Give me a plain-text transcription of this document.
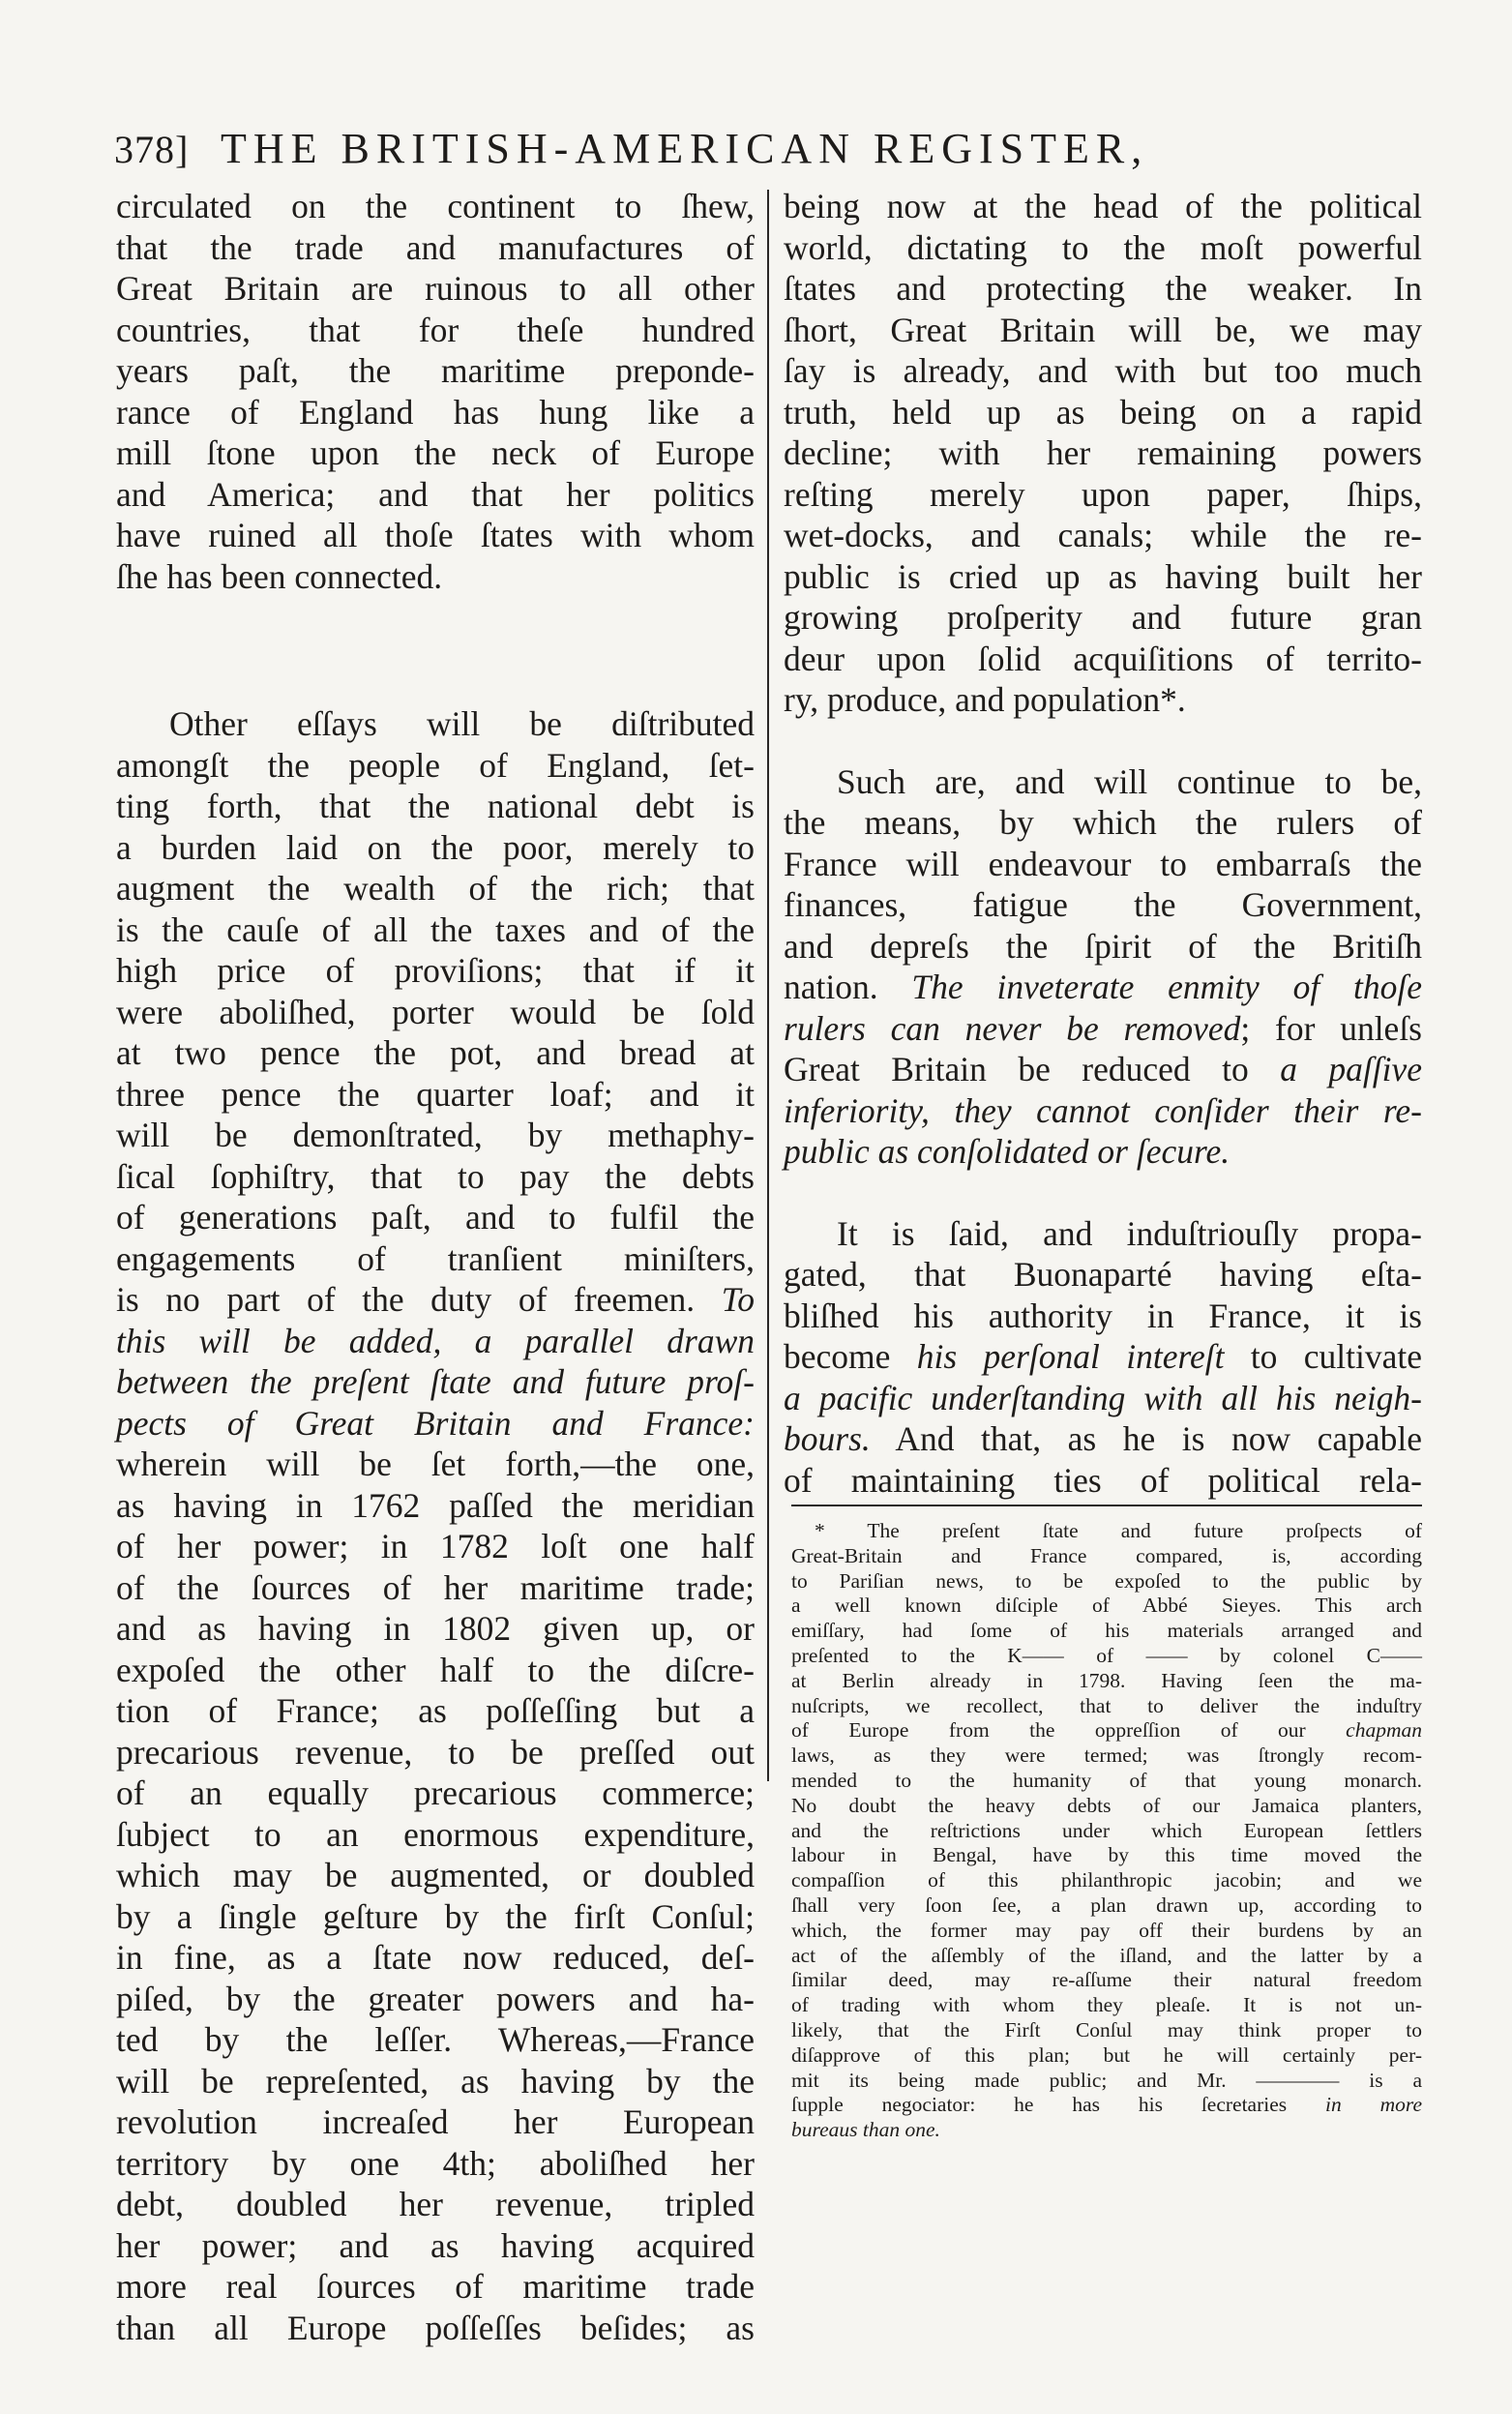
378] THE BRITISH-AMERICAN REGISTER,
circulated on the continent to ſhew,
that the trade and manufactures of
Great Britain are ruinous to all other
countries, that for theſe hundred
years paſt, the maritime preponde-
rance of England has hung like a
mill ſtone upon the neck of Europe
and America; and that her politics
have ruined all thoſe ſtates with whom
ſhe has been connected.
Other eſſays will be diſtributed
amongſt the people of England, ſet-
ting forth, that the national debt is
a burden laid on the poor, merely to
augment the wealth of the rich; that
is the cauſe of all the taxes and of the
high price of proviſions; that if it
were aboliſhed, porter would be ſold
at two pence the pot, and bread at
three pence the quarter loaf; and it
will be demonſtrated, by methaphy-
ſical ſophiſtry, that to pay the debts
of generations paſt, and to fulfil the
engagements of tranſient miniſters,
is no part of the duty of freemen. To
this will be added, a parallel drawn
between the preſent ſtate and future proſ-
pects of Great Britain and France:
wherein will be ſet forth,—the one,
as having in 1762 paſſed the meridian
of her power; in 1782 loſt one half
of the ſources of her maritime trade;
and as having in 1802 given up, or
expoſed the other half to the diſcre-
tion of France; as poſſeſſing but a
precarious revenue, to be preſſed out
of an equally precarious commerce;
ſubject to an enormous expenditure,
which may be augmented, or doubled
by a ſingle geſture by the firſt Conſul;
in fine, as a ſtate now reduced, deſ-
piſed, by the greater powers and ha-
ted by the leſſer. Whereas,—France
will be repreſented, as having by the
revolution increaſed her European
territory by one 4th; aboliſhed her
debt, doubled her revenue, tripled
her power; and as having acquired
more real ſources of maritime trade
than all Europe poſſeſſes beſides; as
being now at the head of the political
world, dictating to the moſt powerful
ſtates and protecting the weaker. In
ſhort, Great Britain will be, we may
ſay is already, and with but too much
truth, held up as being on a rapid
decline; with her remaining powers
reſting merely upon paper, ſhips,
wet-docks, and canals; while the re-
public is cried up as having built her
growing proſperity and future gran
deur upon ſolid acquiſitions of territo-
ry, produce, and population*.
Such are, and will continue to be,
the means, by which the rulers of
France will endeavour to embarraſs the
finances, fatigue the Government,
and depreſs the ſpirit of the Britiſh
nation. The inveterate enmity of thoſe
rulers can never be removed; for unleſs
Great Britain be reduced to a paſſive
inferiority, they cannot conſider their re-
public as conſolidated or ſecure.
It is ſaid, and induſtriouſly propa-
gated, that Buonaparté having eſta-
bliſhed his authority in France, it is
become his perſonal intereſt to cultivate
a pacific underſtanding with all his neigh-
bours. And that, as he is now capable
of maintaining ties of political rela-
* The preſent ſtate and future proſpects of
Great-Britain and France compared, is, according
to Pariſian news, to be expoſed to the public by
a well known diſciple of Abbé Sieyes. This arch
emiſſary, had ſome of his materials arranged and
preſented to the K—— of —— by colonel C——
at Berlin already in 1798. Having ſeen the ma-
nuſcripts, we recollect, that to deliver the induſtry
of Europe from the oppreſſion of our chapman
laws, as they were termed; was ſtrongly recom-
mended to the humanity of that young monarch.
No doubt the heavy debts of our Jamaica planters,
and the reſtrictions under which European ſettlers
labour in Bengal, have by this time moved the
compaſſion of this philanthropic jacobin; and we
ſhall very ſoon ſee, a plan drawn up, according to
which, the former may pay off their burdens by an
act of the aſſembly of the iſland, and the latter by a
ſimilar deed, may re-aſſume their natural freedom
of trading with whom they pleaſe. It is not un-
likely, that the Firſt Conſul may think proper to
diſapprove of this plan; but he will certainly per-
mit its being made public; and Mr. ———— is a
ſupple negociator: he has his ſecretaries in more
bureaus than one.
